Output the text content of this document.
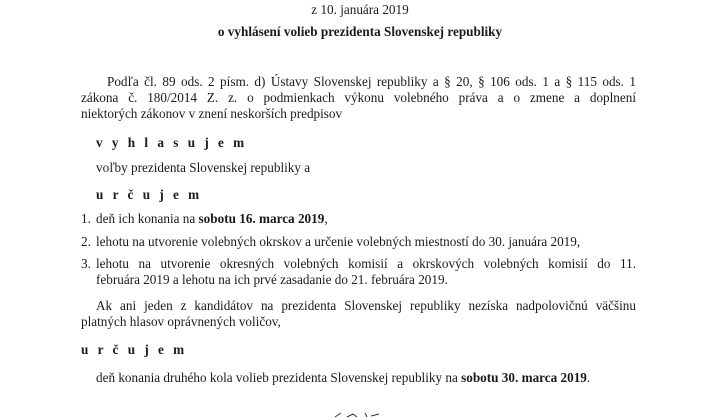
z 10. januára 2019
o vyhlásení volieb prezidenta Slovenskej republiky
Podľa čl. 89 ods. 2 písm. d) Ústavy Slovenskej republiky a § 20, § 106 ods. 1 a § 115 ods. 1
zákona č. 180/2014 Z. z. o podmienkach výkonu volebného práva a o zmene a doplnení
niektorých zákonov v znení neskorších predpisov
v y h l a s u j e m
voľby prezidenta Slovenskej republiky a
u r č u j e m
1. deň ich konania na sobotu 16. marca 2019,
2. lehotu na utvorenie volebných okrskov a určenie volebných miestností do 30. januára 2019,
3. lehotu na utvorenie okresných volebných komisií a okrskových volebných komisií do 11.
februára 2019 a lehotu na ich prvé zasadanie do 21. februára 2019.
Ak ani jeden z kandidátov na prezidenta Slovenskej republiky nezíska nadpolovičnú väčšinu
platných hlasov oprávnených voličov,
u r č u j e m
deň konania druhého kola volieb prezidenta Slovenskej republiky na sobotu 30. marca 2019.
